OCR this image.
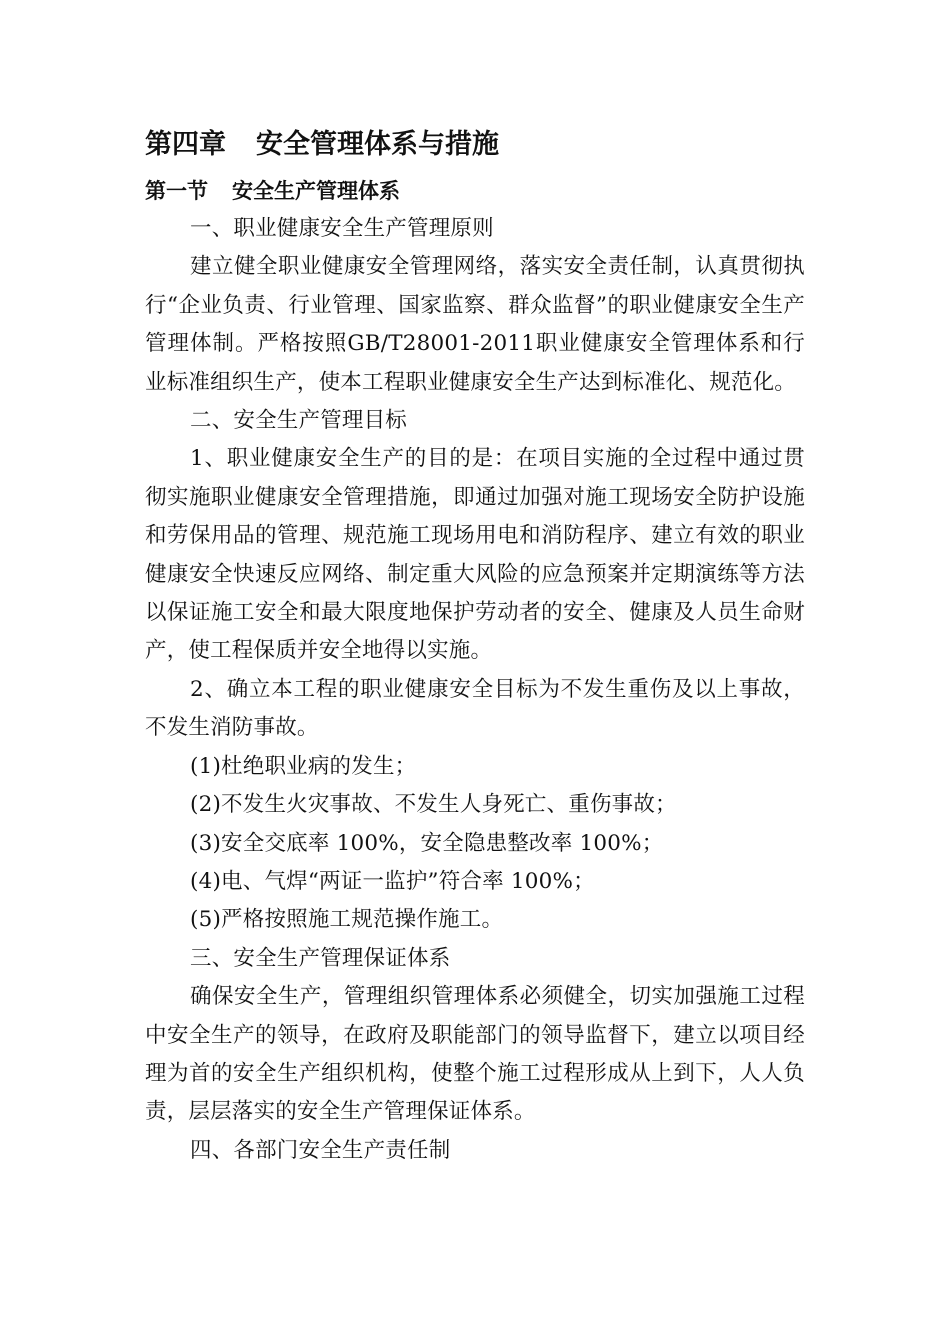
第四章 安全管理体系与措施
第一节 安全生产管理体系

一、职业健康安全生产管理原则

建立健全职业健康安全管理网络，落实安全责任制，认真贯彻执行“企业负责、行业管理、国家监察、群众监督”的职业健康安全生产管理体制。严格按照GB/T28001-2011职业健康安全管理体系和行业标准组织生产，使本工程职业健康安全生产达到标准化、规范化。

二、安全生产管理目标

1、职业健康安全生产的目的是：在项目实施的全过程中通过贯彻实施职业健康安全管理措施，即通过加强对施工现场安全防护设施和劳保用品的管理、规范施工现场用电和消防程序、建立有效的职业健康安全快速反应网络、制定重大风险的应急预案并定期演练等方法以保证施工安全和最大限度地保护劳动者的安全、健康及人员生命财产，使工程保质并安全地得以实施。

2、确立本工程的职业健康安全目标为不发生重伤及以上事故，不发生消防事故。

(1)杜绝职业病的发生；

(2)不发生火灾事故、不发生人身死亡、重伤事故；

(3)安全交底率 100%，安全隐患整改率 100%；

(4)电、气焊“两证一监护”符合率 100%；

(5)严格按照施工规范操作施工。

三、安全生产管理保证体系

确保安全生产，管理组织管理体系必须健全，切实加强施工过程中安全生产的领导，在政府及职能部门的领导监督下，建立以项目经理为首的安全生产组织机构，使整个施工过程形成从上到下，人人负责，层层落实的安全生产管理保证体系。

四、各部门安全生产责任制
